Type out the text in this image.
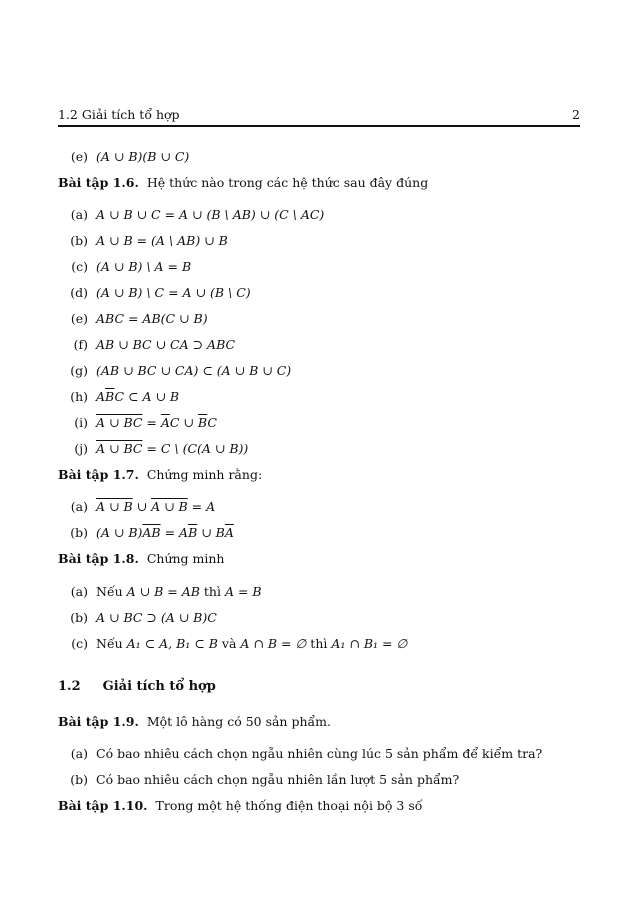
1.2 Giải tích tổ hợp	2
(e) (A ∪ B)(B ∪ C)
Bài tập 1.6. Hệ thức nào trong các hệ thức sau đây đúng
(a) A ∪ B ∪ C = A ∪ (B \ AB) ∪ (C \ AC)
(b) A ∪ B = (A \ AB) ∪ B
(c) (A ∪ B) \ A = B
(d) (A ∪ B) \ C = A ∪ (B \ C)
(e) ABC = AB(C ∪ B)
(f) AB ∪ BC ∪ CA ⊃ ABC
(g) (AB ∪ BC ∪ CA) ⊂ (A ∪ B ∪ C)
(h) $A\overline{B}C$ ⊂ A ∪ B
(i) A ∪ BC = $\overline{A}C$ ∪ $\overline{B}C$
(j) A ∪ BC = C \ (C(A ∪ B))
Bài tập 1.7. Chứng minh rằng:
(a) A ∪ B ∪ A ∪ B = A
(b) (A ∪ $B)\overline{AB} = A\overline{B}$ ∪ $B\overline{A}$
Bài tập 1.8. Chứng minh
(a) Nếu A ∪ B = AB thì A = B
(b) A ∪ BC ⊃ (A ∪ B)C
(c) Nếu A₁ ⊂ A, B₁ ⊂ B và A ∩ B = ∅ thì A₁ ∩ B₁ = ∅
1.2 Giải tích tổ hợp
Bài tập 1.9. Một lô hàng có 50 sản phẩm.
(a) Có bao nhiêu cách chọn ngẫu nhiên cùng lúc 5 sản phẩm để kiểm tra?
(b) Có bao nhiêu cách chọn ngẫu nhiên lần lượt 5 sản phẩm?
Bài tập 1.10. Trong một hệ thống điện thoại nội bộ 3 số
